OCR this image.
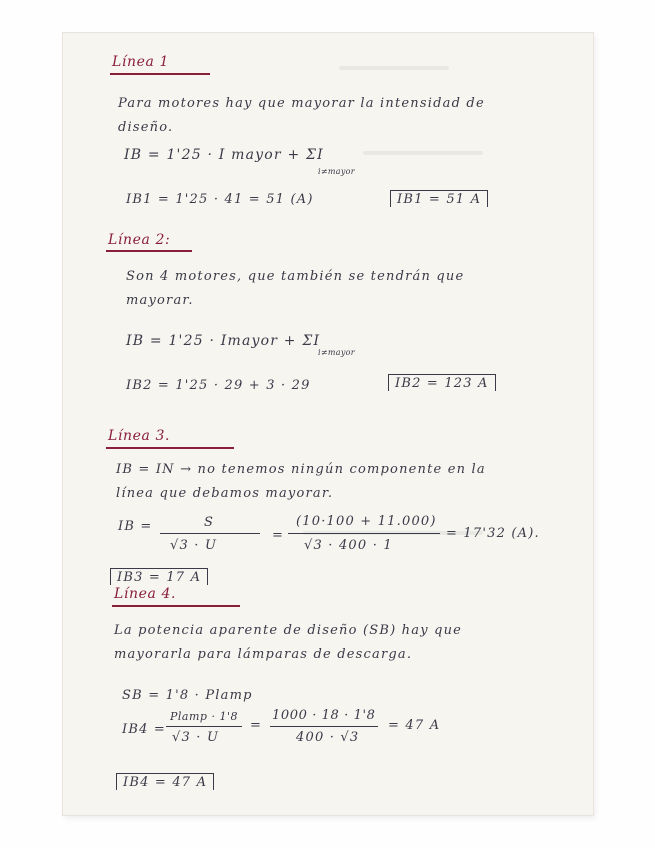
Línea 1
Para motores hay que mayorar la intensidad de
diseño.
IB = 1'25 · I mayor + ΣI
i≠mayor
IB1 = 1'25 · 41 = 51 (A)	IB1 = 51 A
Línea 2:
Son 4 motores, que también se tendrán que
mayorar.
IB = 1'25 · Imayor + ΣI
i≠mayor
IB2 = 1'25 · 29 + 3 · 29	IB2 = 123 A
Línea 3.
IB = IN → no tenemos ningún componente en la
línea que debamos mayorar.
IB =	S
√3 · U
=
(10·100 + 11.000)
√3 · 400 · 1
= 17'32 (A).
IB3 = 17 A
Línea 4.
La potencia aparente de diseño (SB) hay que
mayorarla para lámparas de descarga.
SB = 1'8 · Plamp
IB4 =
Plamp · 1'8
√3 · U
=
1000 · 18 · 1'8
400 · √3
= 47 A
IB4 = 47 A
